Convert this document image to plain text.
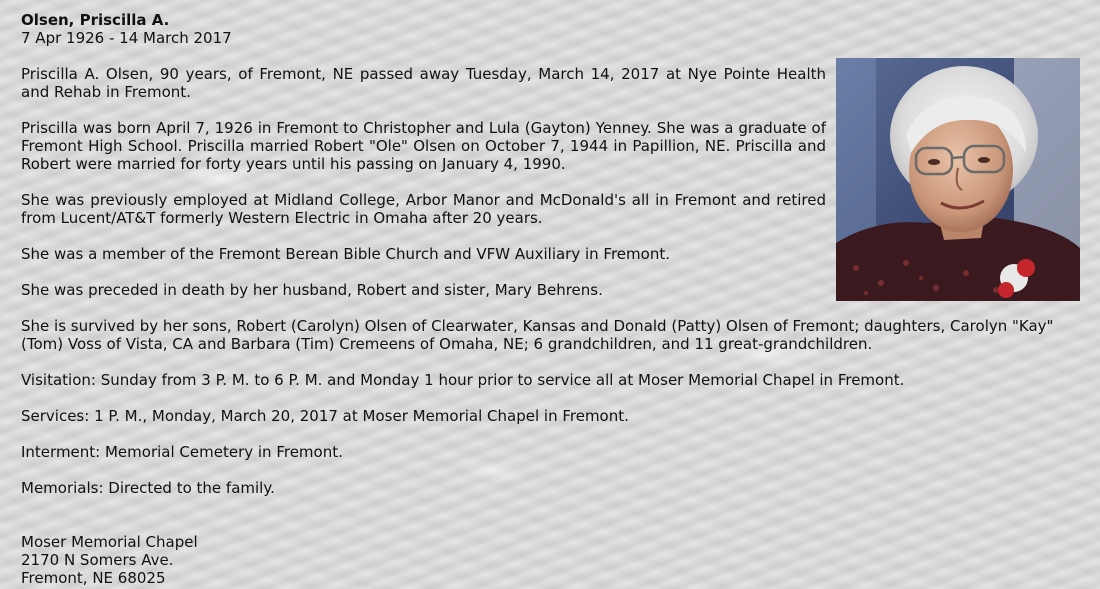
Olsen, Priscilla A.
7 Apr 1926 - 14 March 2017

Priscilla A. Olsen, 90 years, of Fremont, NE passed away Tuesday, March 14, 2017 at Nye Pointe Health and Rehab in Fremont.

Priscilla was born April 7, 1926 in Fremont to Christopher and Lula (Gayton) Yenney. She was a graduate of Fremont High School. Priscilla married Robert "Ole" Olsen on October 7, 1944 in Papillion, NE. Priscilla and Robert were married for forty years until his passing on January 4, 1990.

She was previously employed at Midland College, Arbor Manor and McDonald's all in Fremont and retired from Lucent/AT&T formerly Western Electric in Omaha after 20 years.

She was a member of the Fremont Berean Bible Church and VFW Auxiliary in Fremont.

She was preceded in death by her husband, Robert and sister, Mary Behrens.

She is survived by her sons, Robert (Carolyn) Olsen of Clearwater, Kansas and Donald (Patty) Olsen of Fremont; daughters, Carolyn "Kay" (Tom) Voss of Vista, CA and Barbara (Tim) Cremeens of Omaha, NE; 6 grandchildren, and 11 great-grandchildren.

Visitation: Sunday from 3 P. M. to 6 P. M. and Monday 1 hour prior to service all at Moser Memorial Chapel in Fremont.

Services: 1 P. M., Monday, March 20, 2017 at Moser Memorial Chapel in Fremont.

Interment: Memorial Cemetery in Fremont.

Memorials: Directed to the family.

Moser Memorial Chapel
2170 N Somers Ave.
Fremont, NE 68025
